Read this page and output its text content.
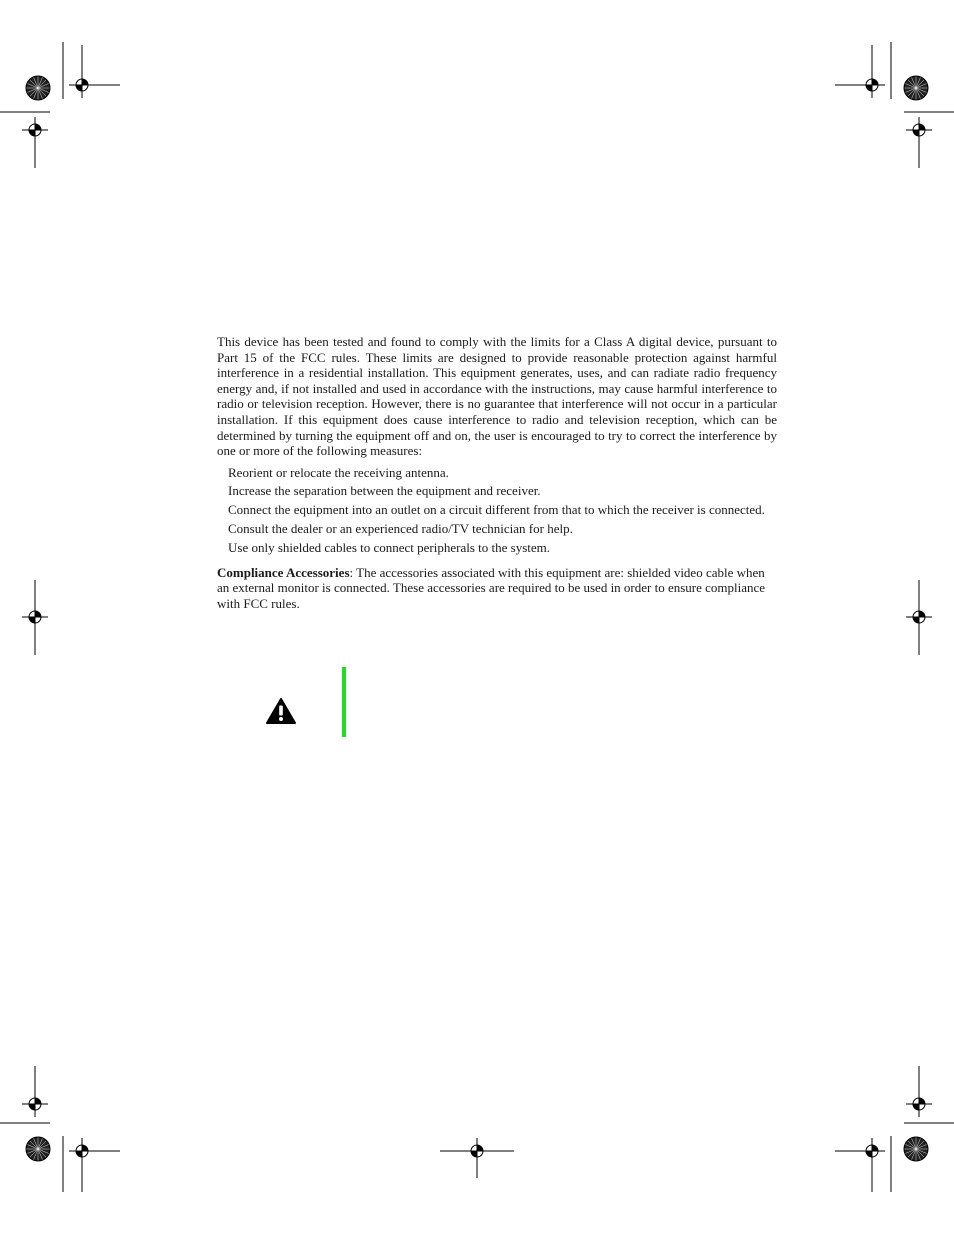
This device has been tested and found to comply with the limits for a Class A digital device, pursuant to Part 15 of the FCC rules. These limits are designed to provide reasonable protection against harmful interference in a residential installation. This equipment generates, uses, and can radiate radio frequency energy and, if not installed and used in accordance with the instructions, may cause harmful interference to radio or television reception. However, there is no guarantee that interference will not occur in a particular installation. If this equipment does cause interference to radio and television reception, which can be determined by turning the equipment off and on, the user is encouraged to try to correct the interference by one or more of the following measures:

Reorient or relocate the receiving antenna.
Increase the separation between the equipment and receiver.
Connect the equipment into an outlet on a circuit different from that to which the receiver is connected.
Consult the dealer or an experienced radio/TV technician for help.
Use only shielded cables to connect peripherals to the system.

Compliance Accessories: The accessories associated with this equipment are: shielded video cable when an external monitor is connected. These accessories are required to be used in order to ensure compliance with FCC rules.
